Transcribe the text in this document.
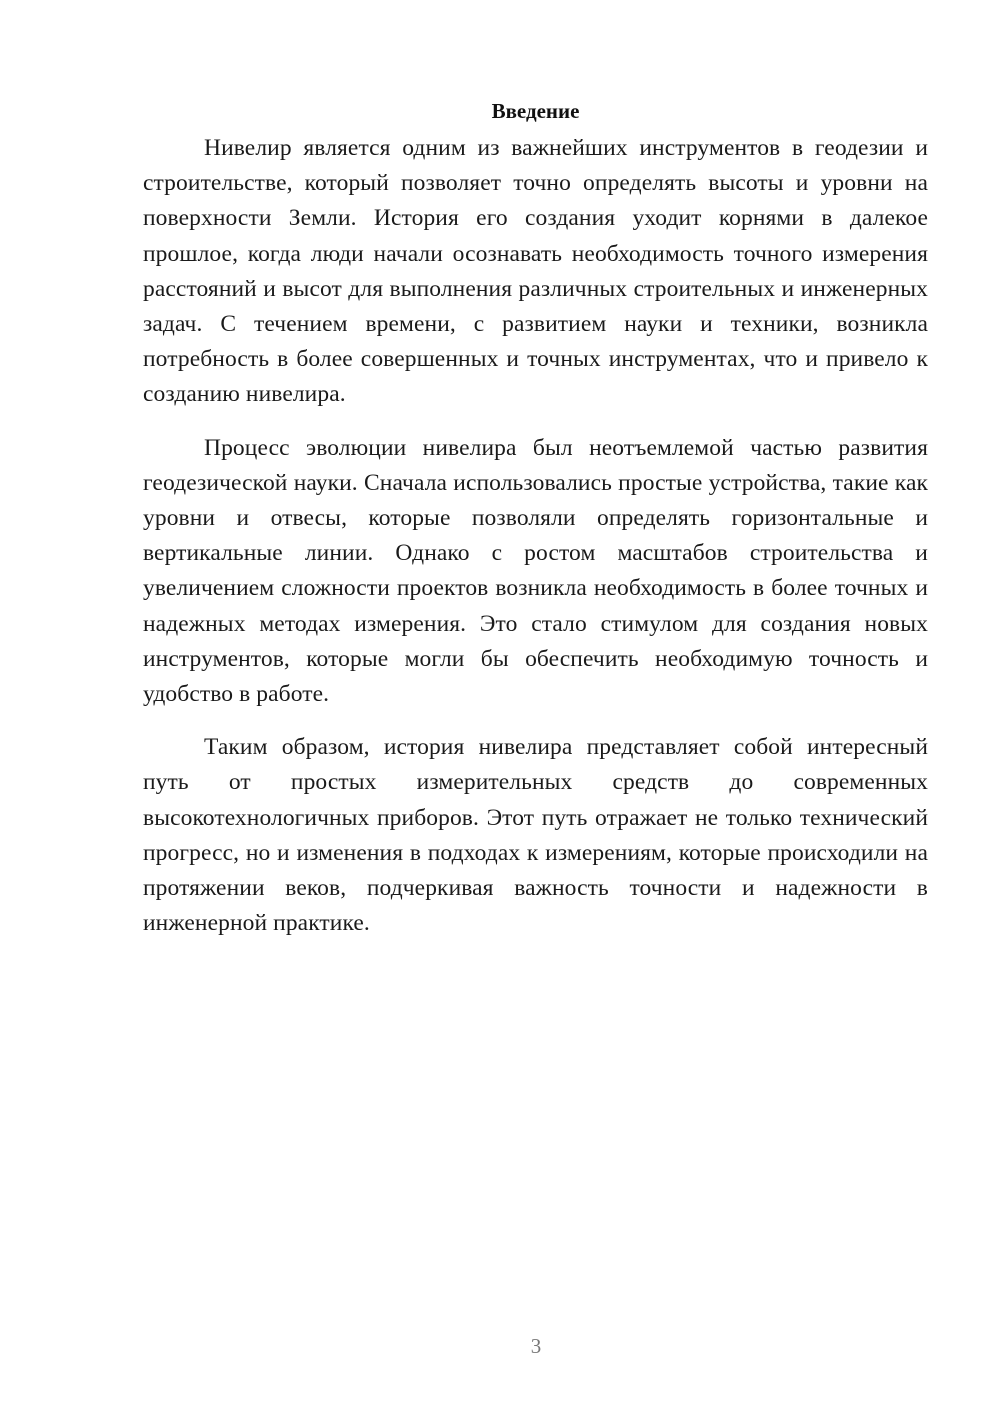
Введение

Нивелир является одним из важнейших инструментов в геодезии и строительстве, который позволяет точно определять высоты и уровни на поверхности Земли. История его создания уходит корнями в далекое прошлое, когда люди начали осознавать необходимость точного измерения расстояний и высот для выполнения различных строительных и инженерных задач. С течением времени, с развитием науки и техники, возникла потребность в более совершенных и точных инструментах, что и привело к созданию нивелира.

Процесс эволюции нивелира был неотъемлемой частью развития геодезической науки. Сначала использовались простые устройства, такие как уровни и отвесы, которые позволяли определять горизонтальные и вертикальные линии. Однако с ростом масштабов строительства и увеличением сложности проектов возникла необходимость в более точных и надежных методах измерения. Это стало стимулом для создания новых инструментов, которые могли бы обеспечить необходимую точность и удобство в работе.

Таким образом, история нивелира представляет собой интересный путь от простых измерительных средств до современных высокотехнологичных приборов. Этот путь отражает не только технический прогресс, но и изменения в подходах к измерениям, которые происходили на протяжении веков, подчеркивая важность точности и надежности в инженерной практике.

3
